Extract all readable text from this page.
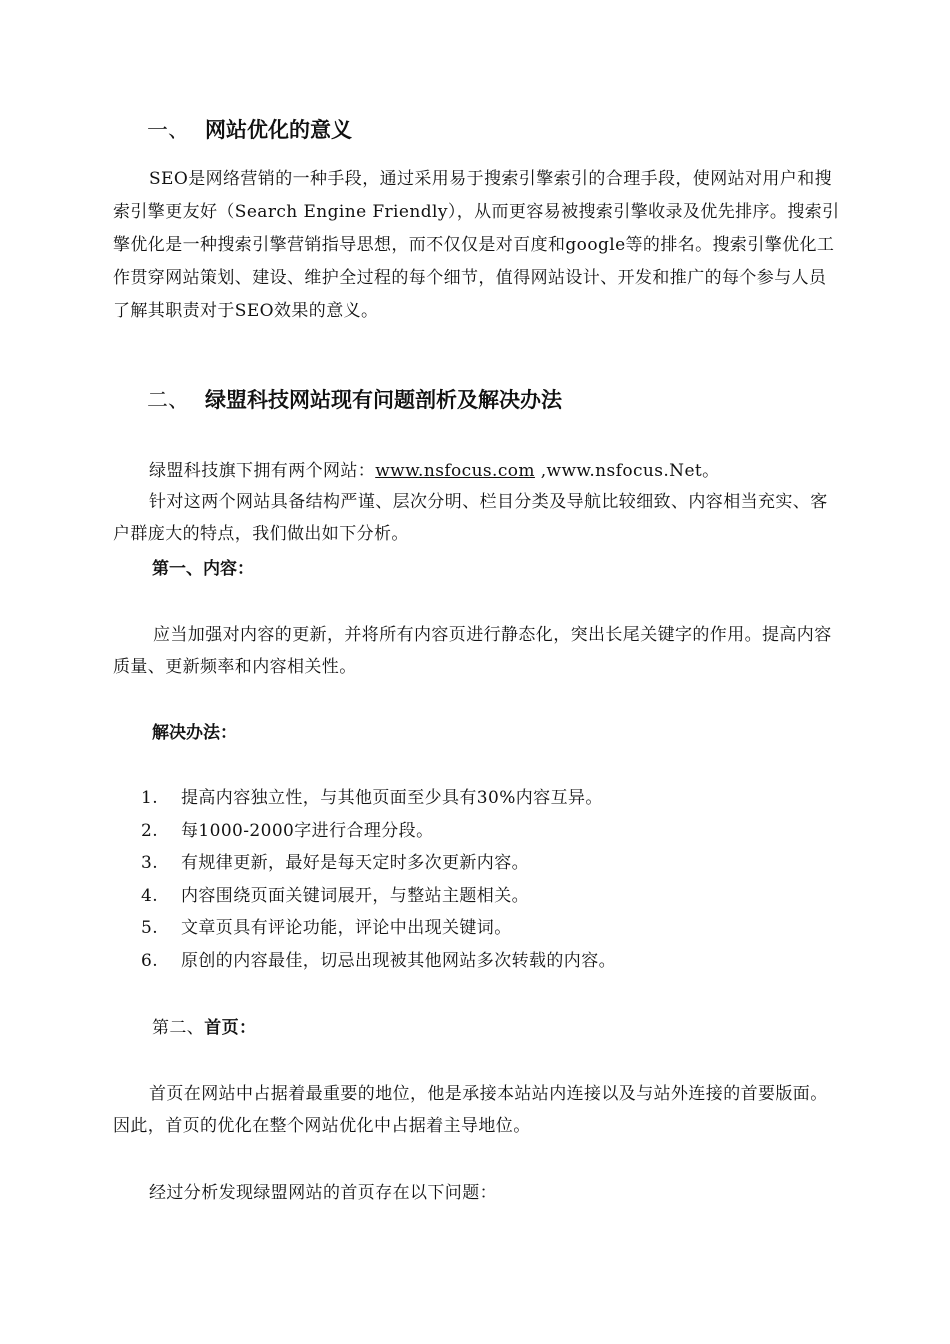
一、 网站优化的意义

SEO是网络营销的一种手段，通过采用易于搜索引擎索引的合理手段，使网站对用户和搜索引擎更友好（Search Engine Friendly），从而更容易被搜索引擎收录及优先排序。搜索引擎优化是一种搜索引擎营销指导思想，而不仅仅是对百度和google等的排名。搜索引擎优化工作贯穿网站策划、建设、维护全过程的每个细节，值得网站设计、开发和推广的每个参与人员了解其职责对于SEO效果的意义。

二、 绿盟科技网站现有问题剖析及解决办法
绿盟科技旗下拥有两个网站：www.nsfocus.com ,www.nsfocus.Net。

针对这两个网站具备结构严谨、层次分明、栏目分类及导航比较细致、内容相当充实、客户群庞大的特点，我们做出如下分析。

第一、内容：

应当加强对内容的更新，并将所有内容页进行静态化，突出长尾关键字的作用。提高内容质量、更新频率和内容相关性。

解决办法：
1. 提高内容独立性，与其他页面至少具有30%内容互异。
2. 每1000-2000字进行合理分段。
3. 有规律更新，最好是每天定时多次更新内容。
4. 内容围绕页面关键词展开，与整站主题相关。
5. 文章页具有评论功能，评论中出现关键词。
6. 原创的内容最佳，切忌出现被其他网站多次转载的内容。
第二、首页：

首页在网站中占据着最重要的地位，他是承接本站站内连接以及与站外连接的首要版面。因此，首页的优化在整个网站优化中占据着主导地位。

经过分析发现绿盟网站的首页存在以下问题：
